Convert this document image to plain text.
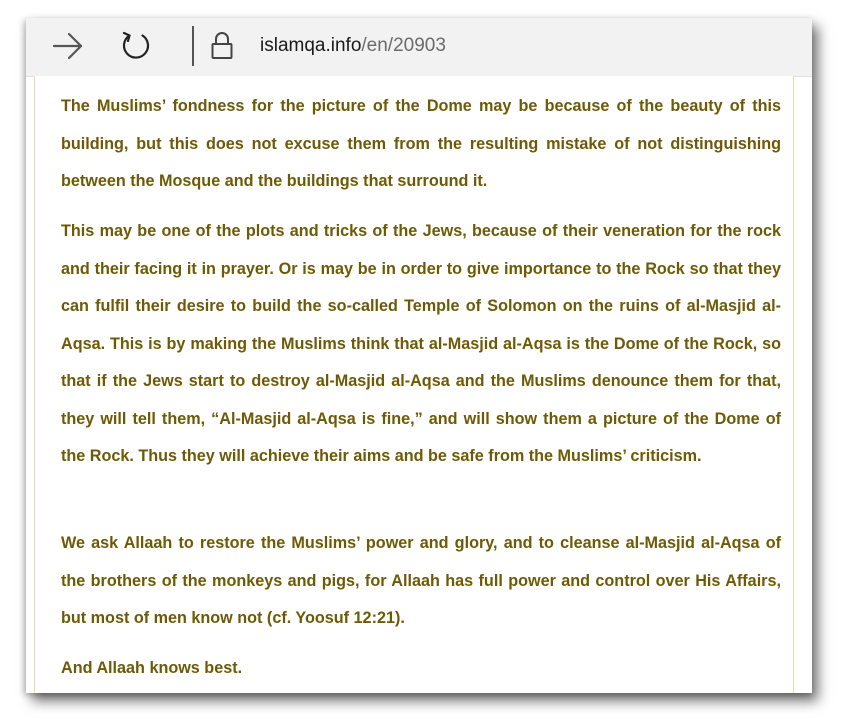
islamqa.info/en/20903

The Muslims’ fondness for the picture of the Dome may be because of the beauty of this building, but this does not excuse them from the resulting mistake of not distinguishing between the Mosque and the buildings that surround it.

This may be one of the plots and tricks of the Jews, because of their veneration for the rock and their facing it in prayer. Or is may be in order to give importance to the Rock so that they can fulfil their desire to build the so-called Temple of Solomon on the ruins of al-Masjid al-Aqsa. This is by making the Muslims think that al-Masjid al-Aqsa is the Dome of the Rock, so that if the Jews start to destroy al-Masjid al-Aqsa and the Muslims denounce them for that, they will tell them, “Al-Masjid al-Aqsa is fine,” and will show them a picture of the Dome of the Rock. Thus they will achieve their aims and be safe from the Muslims’ criticism.

We ask Allaah to restore the Muslims’ power and glory, and to cleanse al-Masjid al-Aqsa of the brothers of the monkeys and pigs, for Allaah has full power and control over His Affairs, but most of men know not (cf. Yoosuf 12:21).

And Allaah knows best.
